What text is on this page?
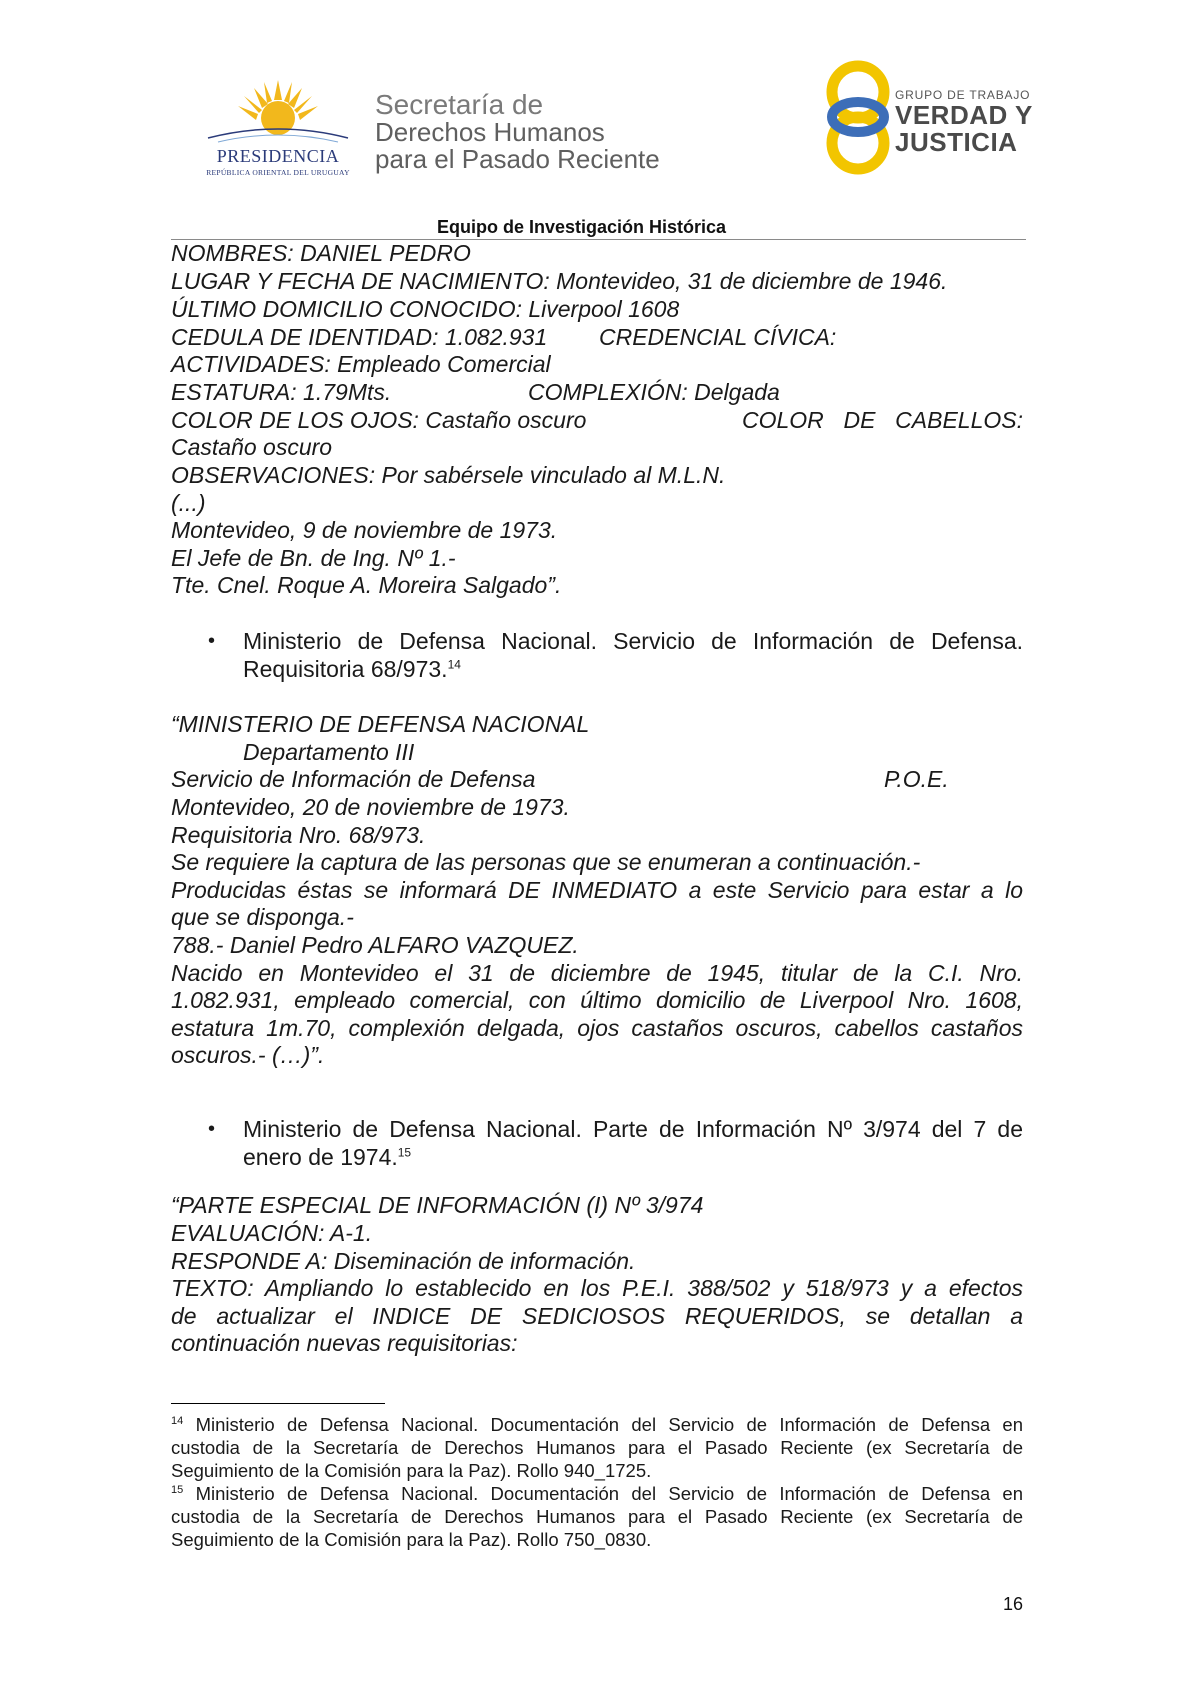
PRESIDENCIA
REPÚBLICA ORIENTAL DEL URUGUAY
Secretaría de
Derechos Humanos
para el Pasado Reciente
GRUPO DE TRABAJO
VERDAD Y
JUSTICIA
Equipo de Investigación Histórica
NOMBRES: DANIEL PEDRO
LUGAR Y FECHA DE NACIMIENTO: Montevideo, 31 de diciembre de 1946.
ÚLTIMO DOMICILIO CONOCIDO: Liverpool 1608
CEDULA DE IDENTIDAD: 1.082.931 CREDENCIAL CÍVICA:
ACTIVIDADES: Empleado Comercial
ESTATURA: 1.79Mts.	COMPLEXIÓN: Delgada
COLOR DE LOS OJOS: Castaño oscuro	COLOR DE CABELLOS:
Castaño oscuro
OBSERVACIONES: Por sabérsele vinculado al M.L.N.
(...)
Montevideo, 9 de noviembre de 1973.
El Jefe de Bn. de Ing. Nº 1.-
Tte. Cnel. Roque A. Moreira Salgado”.
• Ministerio de Defensa Nacional. Servicio de Información de Defensa.
Requisitoria 68/973.14
“MINISTERIO DE DEFENSA NACIONAL
Departamento III
Servicio de Información de Defensa	P.O.E.
Montevideo, 20 de noviembre de 1973.
Requisitoria Nro. 68/973.
Se requiere la captura de las personas que se enumeran a continuación.-
Producidas éstas se informará DE INMEDIATO a este Servicio para estar a lo
que se disponga.-
788.- Daniel Pedro ALFARO VAZQUEZ.
Nacido en Montevideo el 31 de diciembre de 1945, titular de la C.I. Nro.
1.082.931, empleado comercial, con último domicilio de Liverpool Nro. 1608,
estatura 1m.70, complexión delgada, ojos castaños oscuros, cabellos castaños
oscuros.- (…)”.
• Ministerio de Defensa Nacional. Parte de Información Nº 3/974 del 7 de
enero de 1974.15
“PARTE ESPECIAL DE INFORMACIÓN (I) Nº 3/974
EVALUACIÓN: A-1.
RESPONDE A: Diseminación de información.
TEXTO: Ampliando lo establecido en los P.E.I. 388/502 y 518/973 y a efectos
de actualizar el INDICE DE SEDICIOSOS REQUERIDOS, se detallan a
continuación nuevas requisitorias:
$^{14}$ Ministerio de Defensa Nacional. Documentación del Servicio de Información de Defensa en
custodia de la Secretaría de Derechos Humanos para el Pasado Reciente (ex Secretaría de
Seguimiento de la Comisión para la Paz). Rollo 940_1725.
$^{15}$ Ministerio de Defensa Nacional. Documentación del Servicio de Información de Defensa en
custodia de la Secretaría de Derechos Humanos para el Pasado Reciente (ex Secretaría de
Seguimiento de la Comisión para la Paz). Rollo 750_0830.
16
